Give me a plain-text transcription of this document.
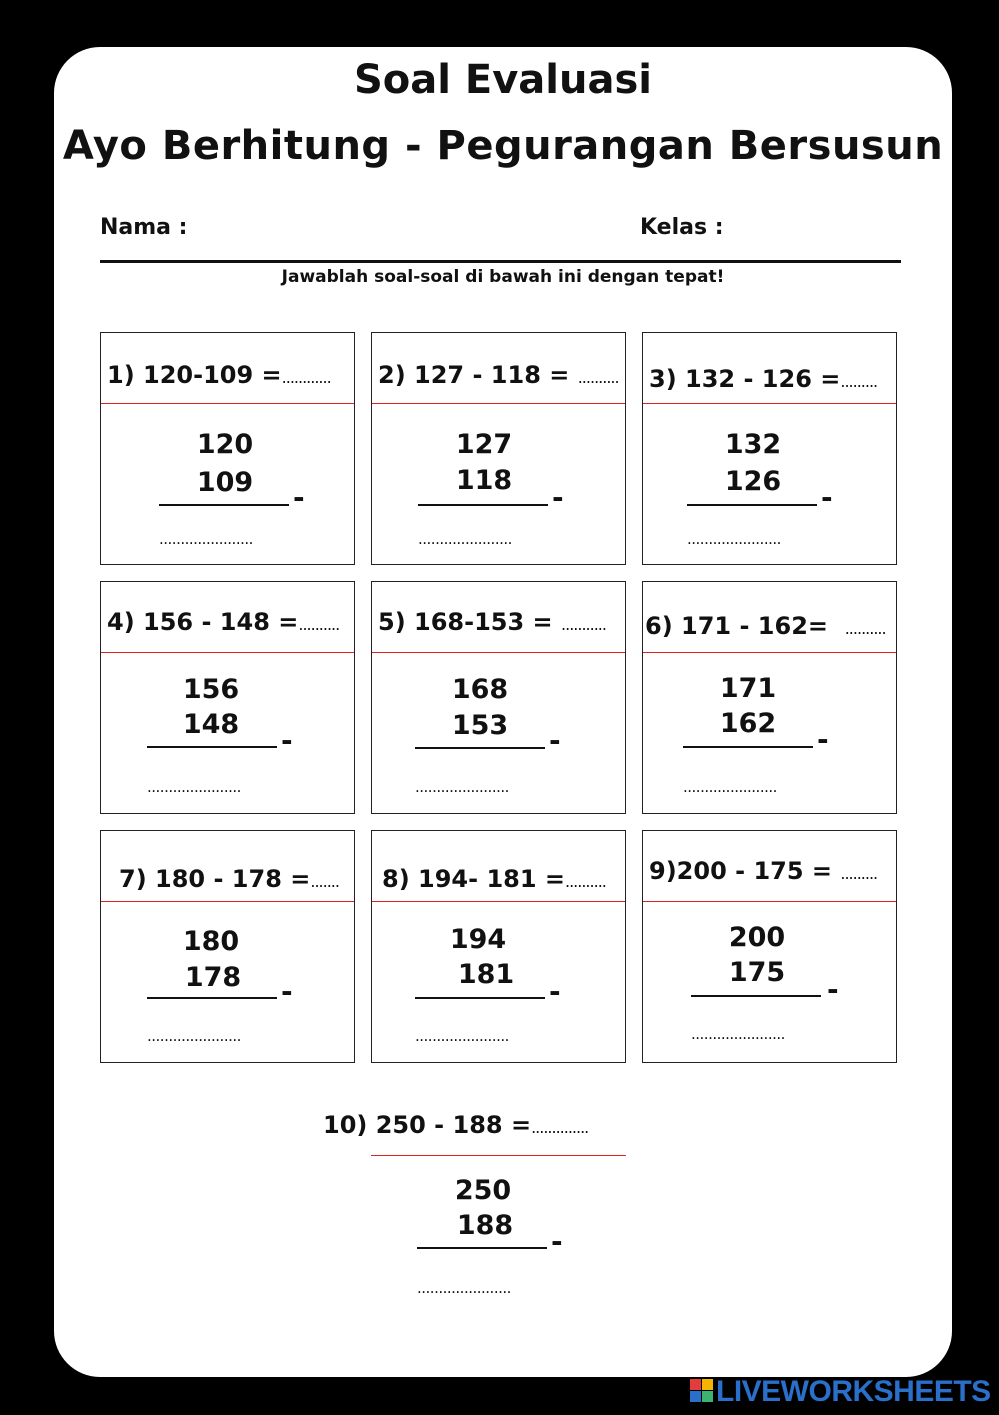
Soal Evaluasi
Ayo Berhitung - Pegurangan Bersusun
Nama :	Kelas :
Jawablah soal-soal di bawah ini dengan tepat!
1) 120-109 =............
120
109	-
......................
2) 127 - 118 = ..........
127
118
-
......................
3) 132 - 126 =.........
132
126	-
......................
4) 156 - 148 =..........
156
148	-
......................
5) 168-153 = ...........
168
153	-
......................
6) 171 - 162= ..........
171
162	-
......................
7) 180 - 178 =.......
180
178	-
......................
8) 194- 181 =..........
194
181
-
......................
9)200 - 175 = .........
200
175
-
......................
10) 250 - 188 =..............
250
188	-
......................
LIVEWORKSHEETS
